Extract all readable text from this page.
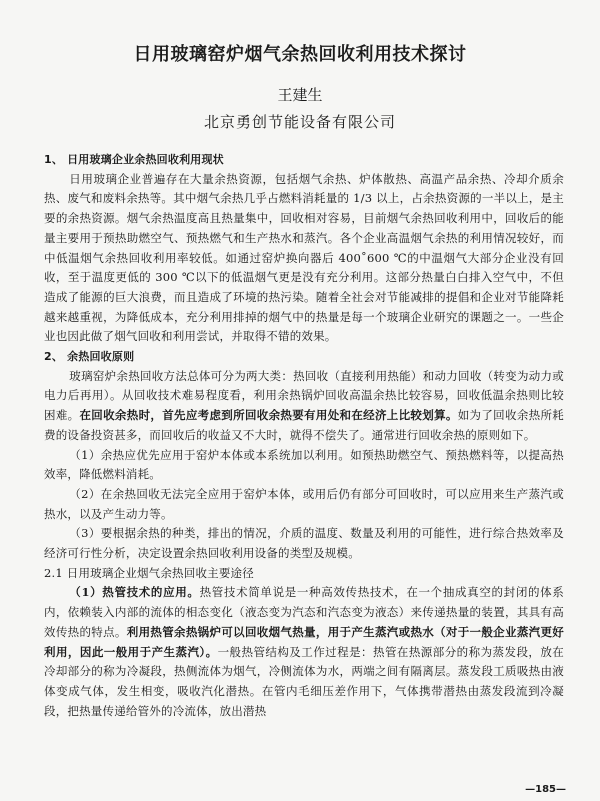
日用玻璃窑炉烟气余热回收利用技术探讨
王建生
北京勇创节能设备有限公司

1、 日用玻璃企业余热回收利用现状

日用玻璃企业普遍存在大量余热资源，包括烟气余热、炉体散热、高温产品余热、冷却介质余热、废气和废料余热等。其中烟气余热几乎占燃料消耗量的 1/3 以上，占余热资源的一半以上，是主要的余热资源。烟气余热温度高且热量集中，回收相对容易，目前烟气余热回收利用中，回收后的能量主要用于预热助燃空气、预热燃气和生产热水和蒸汽。各个企业高温烟气余热的利用情况较好，而中低温烟气余热回收利用率较低。如通过窑炉换向器后 400˚600 ℃的中温烟气大部分企业没有回收，至于温度更低的 300 ℃以下的低温烟气更是没有充分利用。这部分热量白白排入空气中，不但造成了能源的巨大浪费，而且造成了环境的热污染。随着全社会对节能减排的提倡和企业对节能降耗越来越重视，为降低成本，充分利用排掉的烟气中的热量是每一个玻璃企业研究的课题之一。一些企业也因此做了烟气回收和利用尝试，并取得不错的效果。

2、 余热回收原则

玻璃窑炉余热回收方法总体可分为两大类：热回收（直接利用热能）和动力回收（转变为动力或电力后再用）。从回收技术难易程度看，利用余热锅炉回收高温余热比较容易，回收低温余热则比较困难。在回收余热时，首先应考虑到所回收余热要有用处和在经济上比较划算。如为了回收余热所耗费的设备投资甚多，而回收后的收益又不大时，就得不偿失了。通常进行回收余热的原则如下。

（1）余热应优先应用于窑炉本体或本系统加以利用。如预热助燃空气、预热燃料等，以提高热效率，降低燃料消耗。

（2）在余热回收无法完全应用于窑炉本体，或用后仍有部分可回收时，可以应用来生产蒸汽或热水，以及产生动力等。

（3）要根据余热的种类，排出的情况，介质的温度、数量及利用的可能性，进行综合热效率及经济可行性分析，决定设置余热回收利用设备的类型及规模。

2.1 日用玻璃企业烟气余热回收主要途径

（1）热管技术的应用。热管技术简单说是一种高效传热技术，在一个抽成真空的封闭的体系内，依赖装入内部的流体的相态变化（液态变为汽态和汽态变为液态）来传递热量的装置，其具有高效传热的特点。利用热管余热锅炉可以回收烟气热量，用于产生蒸汽或热水（对于一般企业蒸汽更好利用，因此一般用于产生蒸汽）。一般热管结构及工作过程是：热管在热源部分的称为蒸发段，放在冷却部分的称为冷凝段，热侧流体为烟气，冷侧流体为水，两端之间有隔离层。蒸发段工质吸热由液体变成气体，发生相变，吸收汽化潜热。在管内毛细压差作用下，气体携带潜热由蒸发段流到冷凝段，把热量传递给管外的冷流体，放出潜热

—185—
